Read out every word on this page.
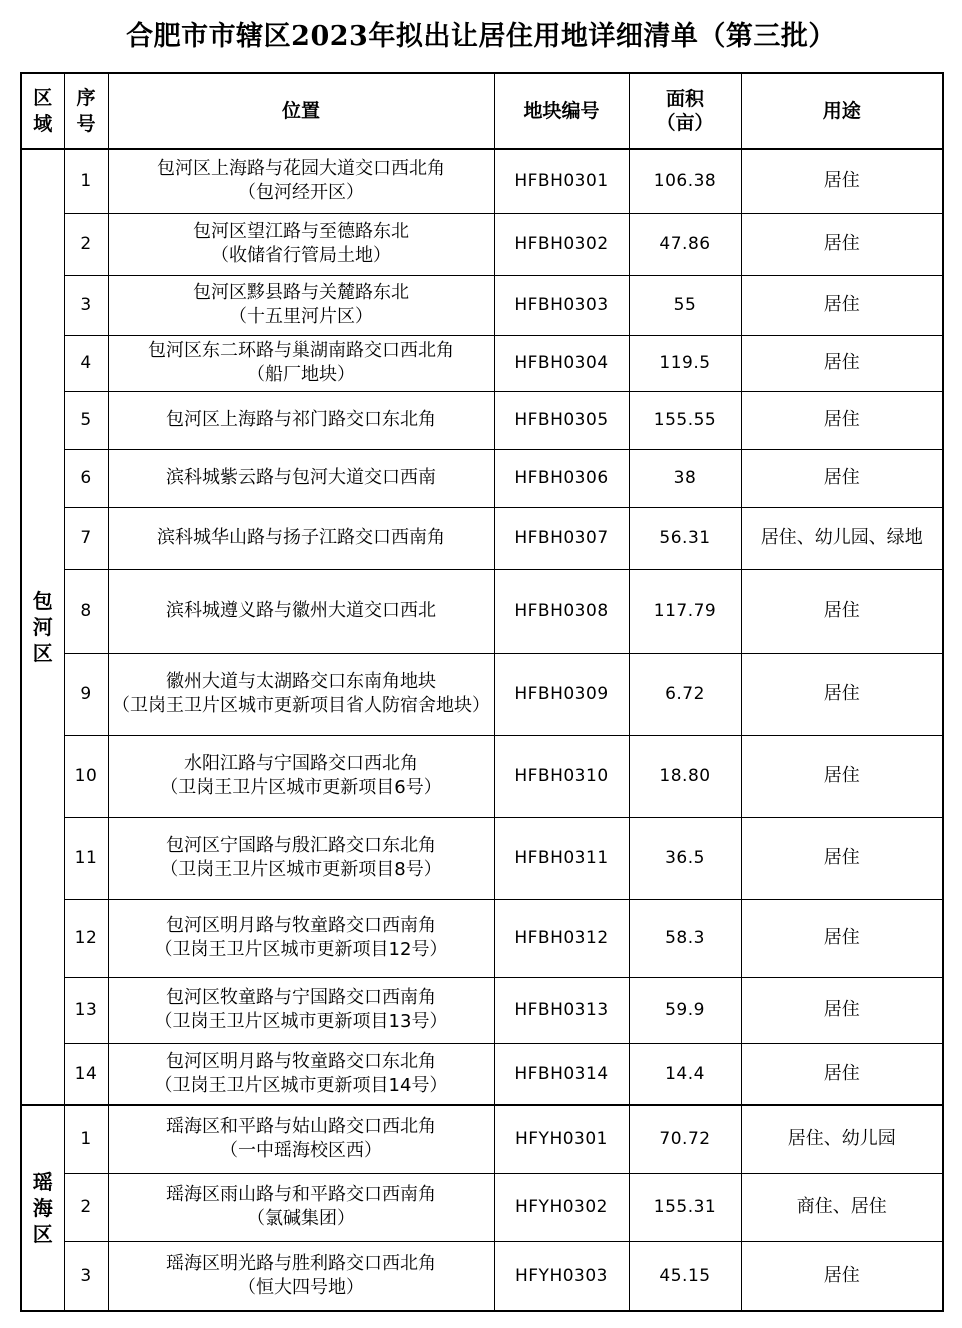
合肥市市辖区2023年拟出让居住用地详细清单（第三批）
区域	序号	位置	地块编号	面积（亩）	用途
包河区	1	包河区上海路与花园大道交口西北角
（包河经开区）	HFBH0301	106.38	居住
	2	包河区望江路与至德路东北
（收储省行管局土地）	HFBH0302	47.86	居住
	3	包河区黟县路与关麓路东北
（十五里河片区）	HFBH0303	55	居住
	4	包河区东二环路与巢湖南路交口西北角
（船厂地块）	HFBH0304	119.5	居住
	5	包河区上海路与祁门路交口东北角	HFBH0305	155.55	居住
	6	滨科城紫云路与包河大道交口西南	HFBH0306	38	居住
	7	滨科城华山路与扬子江路交口西南角	HFBH0307	56.31	居住、幼儿园、绿地
	8	滨科城遵义路与徽州大道交口西北	HFBH0308	117.79	居住
	9	徽州大道与太湖路交口东南角地块
（卫岗王卫片区城市更新项目省人防宿舍地块）	HFBH0309	6.72	居住
	10	水阳江路与宁国路交口西北角
（卫岗王卫片区城市更新项目6号）	HFBH0310	18.80	居住
	11	包河区宁国路与殷汇路交口东北角
（卫岗王卫片区城市更新项目8号）	HFBH0311	36.5	居住
	12	包河区明月路与牧童路交口西南角
（卫岗王卫片区城市更新项目12号）	HFBH0312	58.3	居住
	13	包河区牧童路与宁国路交口西南角
（卫岗王卫片区城市更新项目13号）	HFBH0313	59.9	居住
	14	包河区明月路与牧童路交口东北角
（卫岗王卫片区城市更新项目14号）	HFBH0314	14.4	居住
瑶海区	1	瑶海区和平路与姑山路交口西北角
（一中瑶海校区西）	HFYH0301	70.72	居住、幼儿园
	2	瑶海区雨山路与和平路交口西南角
（氯碱集团）	HFYH0302	155.31	商住、居住
	3	瑶海区明光路与胜利路交口西北角
（恒大四号地）	HFYH0303	45.15	居住
